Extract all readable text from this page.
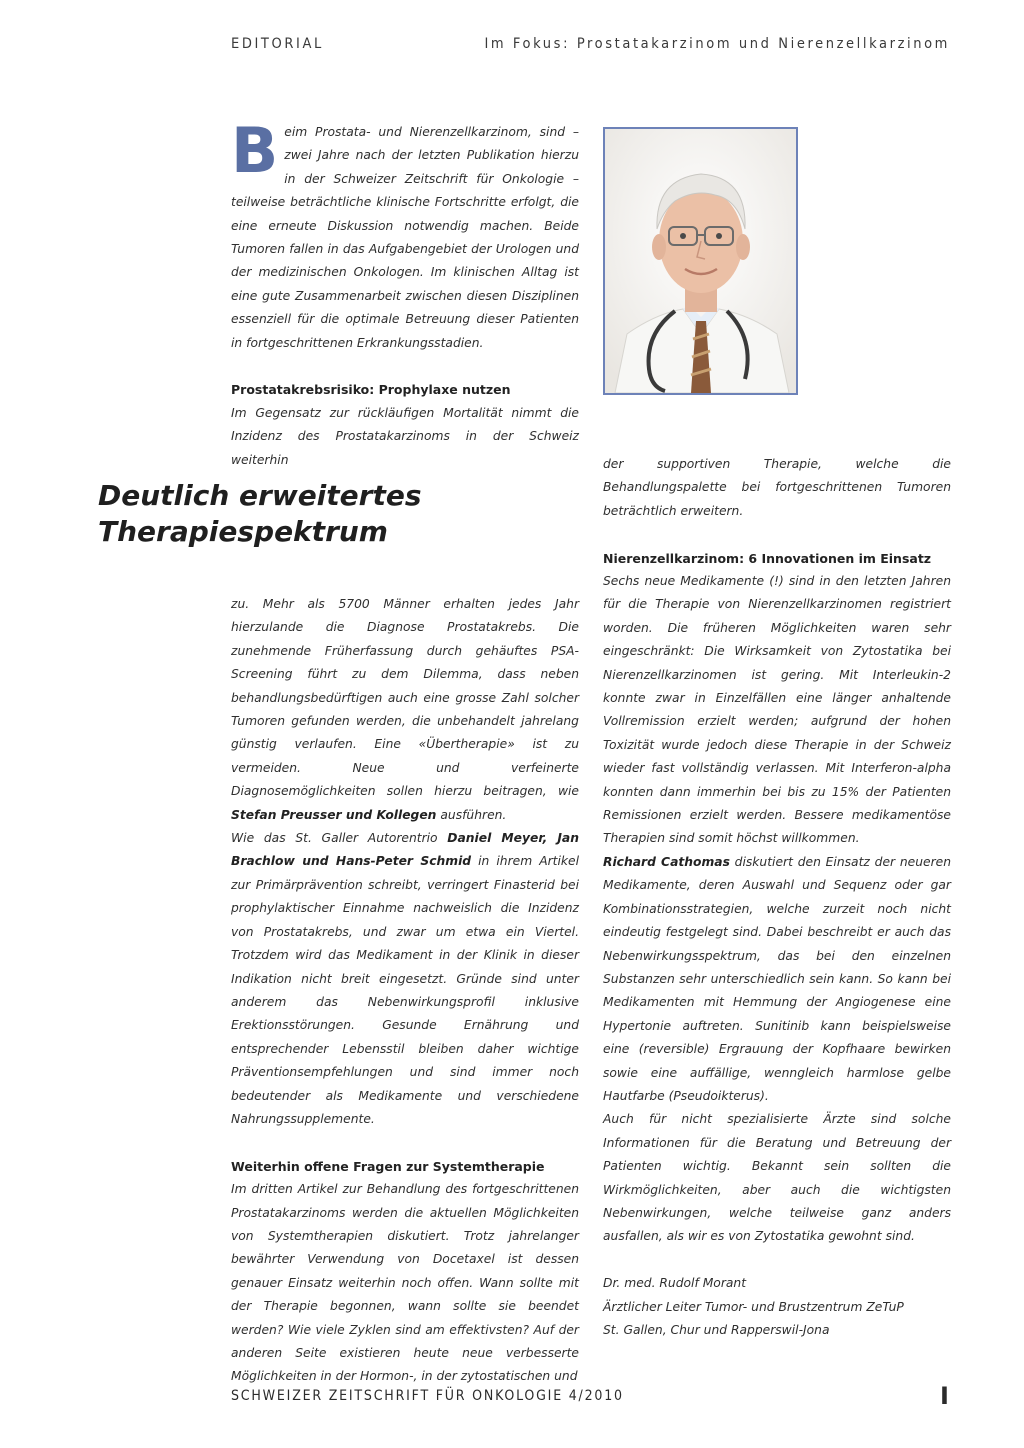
EDITORIAL	Im Fokus: Prostatakarzinom und Nierenzellkarzinom

Beim Prostata- und Nierenzellkarzinom, sind – zwei Jahre nach der letzten Publikation hierzu in der Schweizer Zeitschrift für Onkologie – teilweise beträchtliche klinische Fortschritte erfolgt, die eine erneute Diskussion notwendig machen. Beide Tumoren fallen in das Aufgabengebiet der Urologen und der medizinischen Onkologen. Im klinischen Alltag ist eine gute Zusammenarbeit zwischen diesen Disziplinen essenziell für die optimale Betreuung dieser Patienten in fortgeschrittenen Erkrankungsstadien.

Prostatakrebsrisiko: Prophylaxe nutzen

Im Gegensatz zur rückläufigen Mortalität nimmt die Inzidenz des Prostatakarzinoms in der Schweiz weiterhin

Deutlich erweitertes
Therapiespektrum

zu. Mehr als 5700 Männer erhalten jedes Jahr hierzulande die Diagnose Prostatakrebs. Die zunehmende Früherfassung durch gehäuftes PSA-Screening führt zu dem Dilemma, dass neben behandlungsbedürftigen auch eine grosse Zahl solcher Tumoren gefunden werden, die unbehandelt jahrelang günstig verlaufen. Eine «Übertherapie» ist zu vermeiden. Neue und verfeinerte Diagnosemöglichkeiten sollen hierzu beitragen, wie Stefan Preusser und Kollegen ausführen.

Wie das St. Galler Autorentrio Daniel Meyer, Jan Brachlow und Hans-Peter Schmid in ihrem Artikel zur Primärprävention schreibt, verringert Finasterid bei prophylaktischer Einnahme nachweislich die Inzidenz von Prostatakrebs, und zwar um etwa ein Viertel. Trotzdem wird das Medikament in der Klinik in dieser Indikation nicht breit eingesetzt. Gründe sind unter anderem das Nebenwirkungsprofil inklusive Erektionsstörungen. Gesunde Ernährung und entsprechender Lebensstil bleiben daher wichtige Präventionsempfehlungen und sind immer noch bedeutender als Medikamente und verschiedene Nahrungssupplemente.

Weiterhin offene Fragen zur Systemtherapie

Im dritten Artikel zur Behandlung des fortgeschrittenen Prostatakarzinoms werden die aktuellen Möglichkeiten von Systemtherapien diskutiert. Trotz jahrelanger bewährter Verwendung von Docetaxel ist dessen genauer Einsatz weiterhin noch offen. Wann sollte mit der Therapie begonnen, wann sollte sie beendet werden? Wie viele Zyklen sind am effektivsten? Auf der anderen Seite existieren heute neue verbesserte Möglichkeiten in der Hormon-, in der zytostatischen und

der supportiven Therapie, welche die Behandlungspalette bei fortgeschrittenen Tumoren beträchtlich erweitern.

Nierenzellkarzinom: 6 Innovationen im Einsatz

Sechs neue Medikamente (!) sind in den letzten Jahren für die Therapie von Nierenzellkarzinomen registriert worden. Die früheren Möglichkeiten waren sehr eingeschränkt: Die Wirksamkeit von Zytostatika bei Nierenzellkarzinomen ist gering. Mit Interleukin-2 konnte zwar in Einzelfällen eine länger anhaltende Vollremission erzielt werden; aufgrund der hohen Toxizität wurde jedoch diese Therapie in der Schweiz wieder fast vollständig verlassen. Mit Interferon-alpha konnten dann immerhin bei bis zu 15% der Patienten Remissionen erzielt werden. Bessere medikamentöse Therapien sind somit höchst willkommen.

Richard Cathomas diskutiert den Einsatz der neueren Medikamente, deren Auswahl und Sequenz oder gar Kombinationsstrategien, welche zurzeit noch nicht eindeutig festgelegt sind. Dabei beschreibt er auch das Nebenwirkungsspektrum, das bei den einzelnen Substanzen sehr unterschiedlich sein kann. So kann bei Medikamenten mit Hemmung der Angiogenese eine Hypertonie auftreten. Sunitinib kann beispielsweise eine (reversible) Ergrauung der Kopfhaare bewirken sowie eine auffällige, wenngleich harmlose gelbe Hautfarbe (Pseudoikterus).

Auch für nicht spezialisierte Ärzte sind solche Informationen für die Beratung und Betreuung der Patienten wichtig. Bekannt sein sollten die Wirkmöglichkeiten, aber auch die wichtigsten Nebenwirkungen, welche teilweise ganz anders ausfallen, als wir es von Zytostatika gewohnt sind.

Dr. med. Rudolf Morant

Ärztlicher Leiter Tumor- und Brustzentrum ZeTuP

St. Gallen, Chur und Rapperswil-Jona

SCHWEIZER ZEITSCHRIFT FÜR ONKOLOGIE 4/2010	I
